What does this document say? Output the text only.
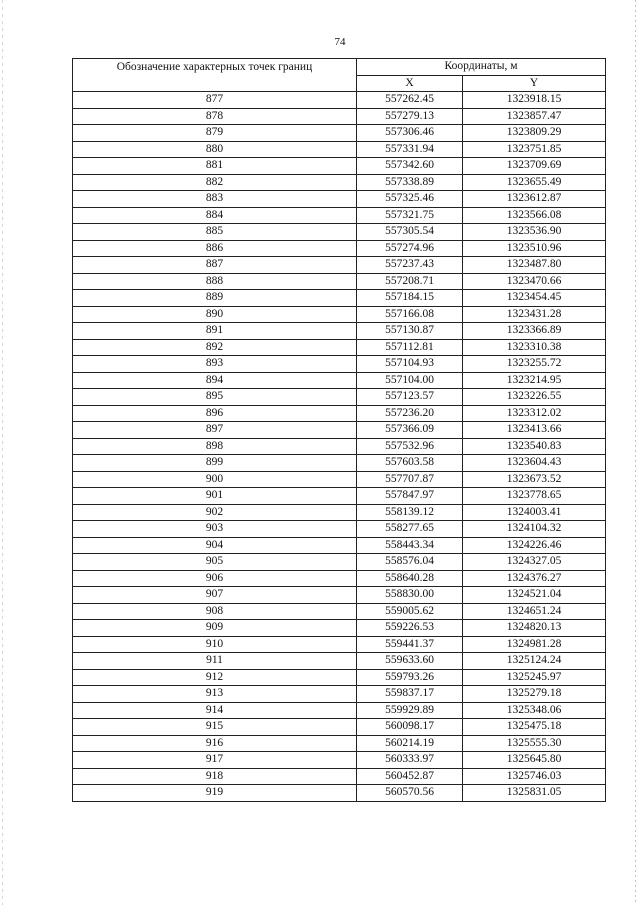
74
Обозначение характерных точек границ	Координаты, м	
	X	Y
877	557262.45	1323918.15
878	557279.13	1323857.47
879	557306.46	1323809.29
880	557331.94	1323751.85
881	557342.60	1323709.69
882	557338.89	1323655.49
883	557325.46	1323612.87
884	557321.75	1323566.08
885	557305.54	1323536.90
886	557274.96	1323510.96
887	557237.43	1323487.80
888	557208.71	1323470.66
889	557184.15	1323454.45
890	557166.08	1323431.28
891	557130.87	1323366.89
892	557112.81	1323310.38
893	557104.93	1323255.72
894	557104.00	1323214.95
895	557123.57	1323226.55
896	557236.20	1323312.02
897	557366.09	1323413.66
898	557532.96	1323540.83
899	557603.58	1323604.43
900	557707.87	1323673.52
901	557847.97	1323778.65
902	558139.12	1324003.41
903	558277.65	1324104.32
904	558443.34	1324226.46
905	558576.04	1324327.05
906	558640.28	1324376.27
907	558830.00	1324521.04
908	559005.62	1324651.24
909	559226.53	1324820.13
910	559441.37	1324981.28
911	559633.60	1325124.24
912	559793.26	1325245.97
913	559837.17	1325279.18
914	559929.89	1325348.06
915	560098.17	1325475.18
916	560214.19	1325555.30
917	560333.97	1325645.80
918	560452.87	1325746.03
919	560570.56	1325831.05
